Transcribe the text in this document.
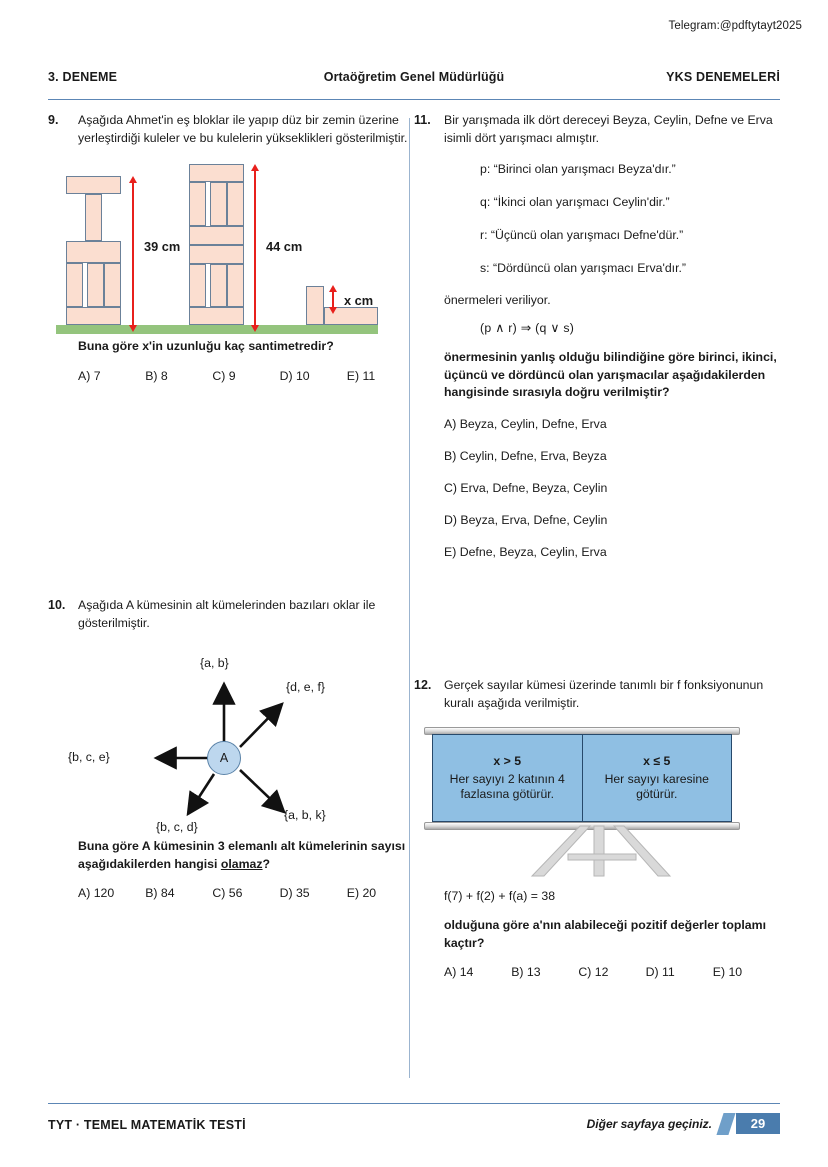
Telegram:@pdftytayt2025
3. DENEME	Ortaöğretim Genel Müdürlüğü	YKS DENEMELERİ
9.	Aşağıda Ahmet'in eş bloklar ile yapıp düz bir zemin üzerine yerleştirdiği kuleler ve bu kulelerin yükseklikleri gösterilmiştir.
39 cm	44 cm
x cm
Buna göre x'in uzunluğu kaç santimetredir?
A) 7	B) 8	C) 9	D) 10	E) 11
10.	Aşağıda A kümesinin alt kümelerinden bazıları oklar ile gösterilmiştir.
A
{a, b}
{d, e, f}
{b, c, e}
{a, b, k}
{b, c, d}
Buna göre A kümesinin 3 elemanlı alt kümelerinin sayısı aşağıdakilerden hangisi olamaz?
A) 120	B) 84	C) 56	D) 35	E) 20
11.	Bir yarışmada ilk dört dereceyi Beyza, Ceylin, Defne ve Erva isimli dört yarışmacı almıştır.
p: “Birinci olan yarışmacı Beyza'dır.”
q: “İkinci olan yarışmacı Ceylin'dir.”
r: “Üçüncü olan yarışmacı Defne'dür.”
s: “Dördüncü olan yarışmacı Erva'dır.”
önermeleri veriliyor.
(p ∧ r) ⇒ (q ∨ s)
önermesinin yanlış olduğu bilindiğine göre birinci, ikinci, üçüncü ve dördüncü olan yarışmacılar aşağıdakilerden hangisinde sırasıyla doğru verilmiştir?
A) Beyza, Ceylin, Defne, Erva
B) Ceylin, Defne, Erva, Beyza
C) Erva, Defne, Beyza, Ceylin
D) Beyza, Erva, Defne, Ceylin
E) Defne, Beyza, Ceylin, Erva
12.	Gerçek sayılar kümesi üzerinde tanımlı bir f fonksiyonunun kuralı aşağıda verilmiştir.
x > 5
Her sayıyı 2 katının 4 fazlasına götürür.
x ≤ 5
Her sayıyı karesine götürür.
f(7) + f(2) + f(a) = 38
olduğuna göre a'nın alabileceği pozitif değerler toplamı kaçtır?
A) 14	B) 13	C) 12	D) 11	E) 10
TYT · TEMEL MATEMATİK TESTİ	Diğer sayfaya geçiniz.	29
